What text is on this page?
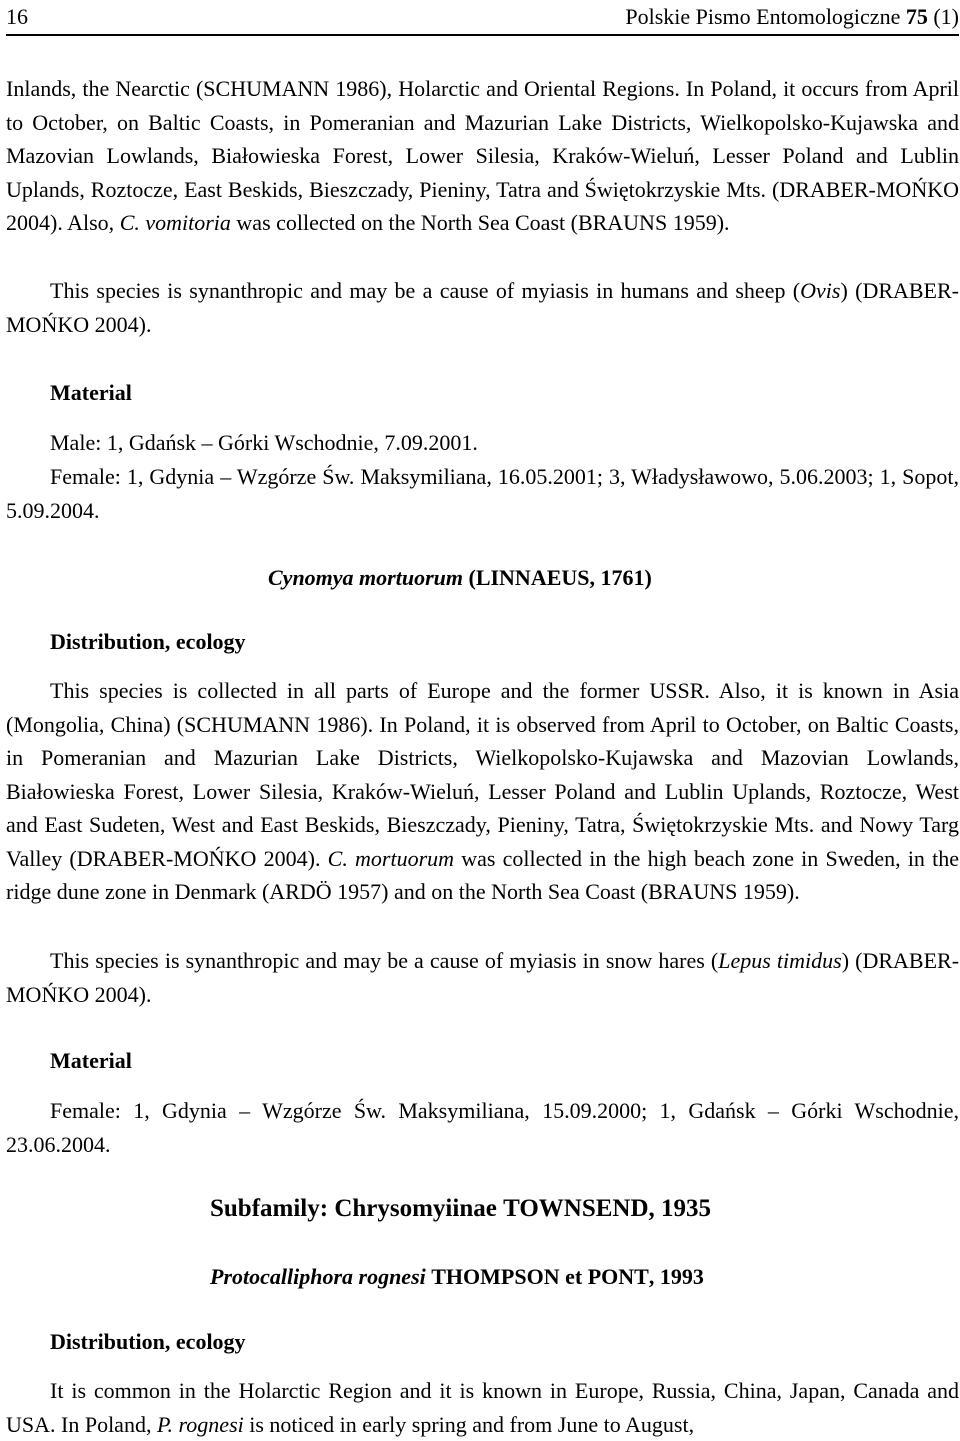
16	Polskie Pismo Entomologiczne 75 (1)

Inlands, the Nearctic (SCHUMANN 1986), Holarctic and Oriental Regions. In Poland, it occurs from April to October, on Baltic Coasts, in Pomeranian and Mazurian Lake Districts, Wielkopolsko-Kujawska and Mazovian Lowlands, Białowieska Forest, Lower Silesia, Kraków-Wieluń, Lesser Poland and Lublin Uplands, Roztocze, East Beskids, Bieszczady, Pieniny, Tatra and Świętokrzyskie Mts. (DRABER-MOŃKO 2004). Also, C. vomitoria was collected on the North Sea Coast (BRAUNS 1959).

This species is synanthropic and may be a cause of myiasis in humans and sheep (Ovis) (DRABER-MOŃKO 2004).

Material

Male: 1, Gdańsk – Górki Wschodnie, 7.09.2001.

Female: 1, Gdynia – Wzgórze Św. Maksymiliana, 16.05.2001; 3, Władysławowo, 5.06.2003; 1, Sopot, 5.09.2004.

Cynomya mortuorum (LINNAEUS, 1761)

Distribution, ecology

This species is collected in all parts of Europe and the former USSR. Also, it is known in Asia (Mongolia, China) (SCHUMANN 1986). In Poland, it is observed from April to October, on Baltic Coasts, in Pomeranian and Mazurian Lake Districts, Wielkopolsko-Kujawska and Mazovian Lowlands, Białowieska Forest, Lower Silesia, Kraków-Wieluń, Lesser Poland and Lublin Uplands, Roztocze, West and East Sudeten, West and East Beskids, Bieszczady, Pieniny, Tatra, Świętokrzyskie Mts. and Nowy Targ Valley (DRABER-MOŃKO 2004). C. mortuorum was collected in the high beach zone in Sweden, in the ridge dune zone in Denmark (ARDÖ 1957) and on the North Sea Coast (BRAUNS 1959).

This species is synanthropic and may be a cause of myiasis in snow hares (Lepus timidus) (DRABER-MOŃKO 2004).

Material

Female: 1, Gdynia – Wzgórze Św. Maksymiliana, 15.09.2000; 1, Gdańsk – Górki Wschodnie, 23.06.2004.

Subfamily: Chrysomyiinae TOWNSEND, 1935

Protocalliphora rognesi THOMPSON et PONT, 1993

Distribution, ecology

It is common in the Holarctic Region and it is known in Europe, Russia, China, Japan, Canada and USA. In Poland, P. rognesi is noticed in early spring and from June to August,
